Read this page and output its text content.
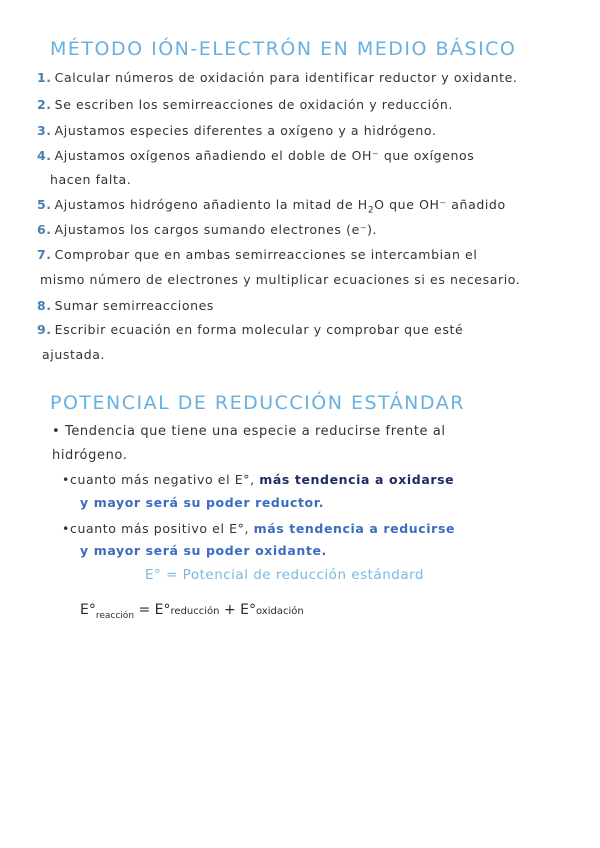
MÉTODO IÓN-ELECTRÓN EN MEDIO BÁSICO

1. Calcular números de oxidación para identificar reductor y oxidante.

2. Se escriben los semirreacciones de oxidación y reducción.

3. Ajustamos especies diferentes a oxígeno y a hidrógeno.

4. Ajustamos oxígenos añadiendo el doble de OH⁻ que oxígenos

hacen falta.

5. Ajustamos hidrógeno añadiento la mitad de $H_2O$ que OH⁻ añadido

6. Ajustamos los cargos sumando electrones (e⁻).

7. Comprobar que en ambas semirreacciones se intercambian el

mismo número de electrones y multiplicar ecuaciones si es necesario.

8. Sumar semirreacciones

9. Escribir ecuación en forma molecular y comprobar que esté

ajustada.
POTENCIAL DE REDUCCIÓN ESTÁNDAR
• Tendencia que tiene una especie a reducirse frente al
hidrógeno.
•cuanto más negativo el E°, más tendencia a oxidarse
y mayor será su poder reductor.
•cuanto más positivo el E°, más tendencia a reducirse
y mayor será su poder oxidante.
E° = Potencial de reducción estándard
$E^\circ_{reacción}$ = E°reducción + E°oxidación
